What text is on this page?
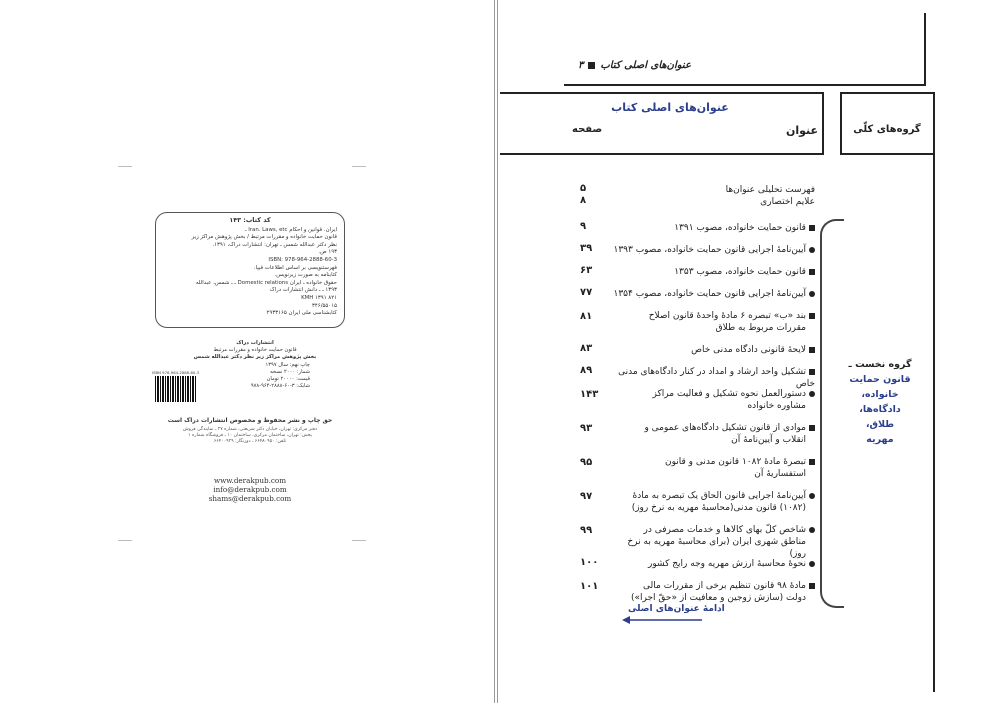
کد کتاب: ۱۴۳
ایران. قوانین و احکام Iran. Laws, etc ـ
قانون حمایت خانواده و مقررات مرتبط / بخش پژوهش مراکز زیر
نظر دکتر عبدالله شمس ـ تهران: انتشارات دراک، ۱۳۹۱.
۱۹۳ ص.
ISBN: 978-964-2888-60-3
فهرستنویسی بر اساس اطلاعات فیپا.
کتابنامه به صورت زیرنویس.
حقوق خانواده ـ ایران Domestic relations ـ ـ شمس، عبدالله
۱۳۹۳ ـ ـ دانش انتشارات دراک
KMH ۱۳۹۱ ۸۲۱
۳۴۶/۵۵۰۱۵
کتابشناسی ملی ایران ۲۹۳۳۱۶۵
انتشارات دراک
قانون حمایت خانواده و مقررات مرتبط
بخش پژوهش مراکز زیر نظر دکتر عبدالله شمس
چاپ نهم: سال ۱۳۹۷
شمار: ۲۰۰۰ نسخه
قیمت: ۲۰۰۰۰ تومان
شابک: ۳-۶۰-۲۸۸۸-۹۶۴-۹۷۸
ISBN 978-964-2888-60-3
حق چاپ و نشر محفوظ و مخصوص انتشارات دراک است
دفتر مرکزی: تهران، خیابان دکتر شریعتی، شماره ۲۷ ـ نمایندگی فروش
پخش: تهران، ساختمان مرکزی، ساختمان ۱۰ ـ فروشگاه شماره ۱
تلفن: ۶۶۴۸۰۹۵۰ ـ دورنگار: ۶۶۴۰۰۹۲۹
www.derakpub.com
info@derakpub.com
shams@derakpub.com
عنوان‌های اصلی کتاب
۳
عنوان‌های اصلی کتاب
عنوان
صفحه	گروه‌های کلّی
فهرست تحلیلی عنوان‌ها
۵
علایم اختصاری
۸
قانون حمایت خانواده، مصوب ۱۳۹۱
۹
آیین‌نامهٔ اجرایی قانون حمایت خانواده، مصوب ۱۳۹۳
۳۹
قانون حمایت خانواده، مصوب ۱۳۵۳
۶۳
آیین‌نامهٔ اجرایی قانون حمایت خانواده، مصوب ۱۳۵۴
۷۷
بند «ب» تبصره ۶ مادهٔ واحدهٔ قانون اصلاح
مقررات مربوط به طلاق
۸۱
لایحهٔ قانونی دادگاه مدنی خاص
۸۳
تشکیل واحد ارشاد و امداد در کنار دادگاه‌های مدنی خاص
۸۹
دستورالعمل نحوه تشکیل و فعالیت مراکز
مشاوره خانواده
۱۴۳
موادی از قانون تشکیل دادگاه‌های عمومی و
انقلاب و آیین‌نامهٔ آن
۹۳
تبصرهٔ مادهٔ ۱۰۸۲ قانون مدنی و قانون
استفساریهٔ آن
۹۵
آیین‌نامهٔ اجرایی قانون الحاق یک تبصره به مادهٔ
(۱۰۸۲) قانون مدنی(محاسبهٔ مهریه به نرخ روز)
۹۷
شاخص کلّ بهای کالاها و خدمات مصرفی در
مناطق شهری ایران (برای محاسبهٔ مهریه به نرخ روز)
۹۹
نحوهٔ محاسبهٔ ارزش مهریه وجه رایج کشور
۱۰۰
مادهٔ ۹۸ قانون تنظیم برخی از مقررات مالی
دولت (سازش زوجین و معافیت از «حقّ اجرا»)
۱۰۱
گروه نخست ـ
قانون حمایت
خانواده،
دادگاه‌ها، طلاق،
مهریه
ادامهٔ عنوان‌های اصلی
